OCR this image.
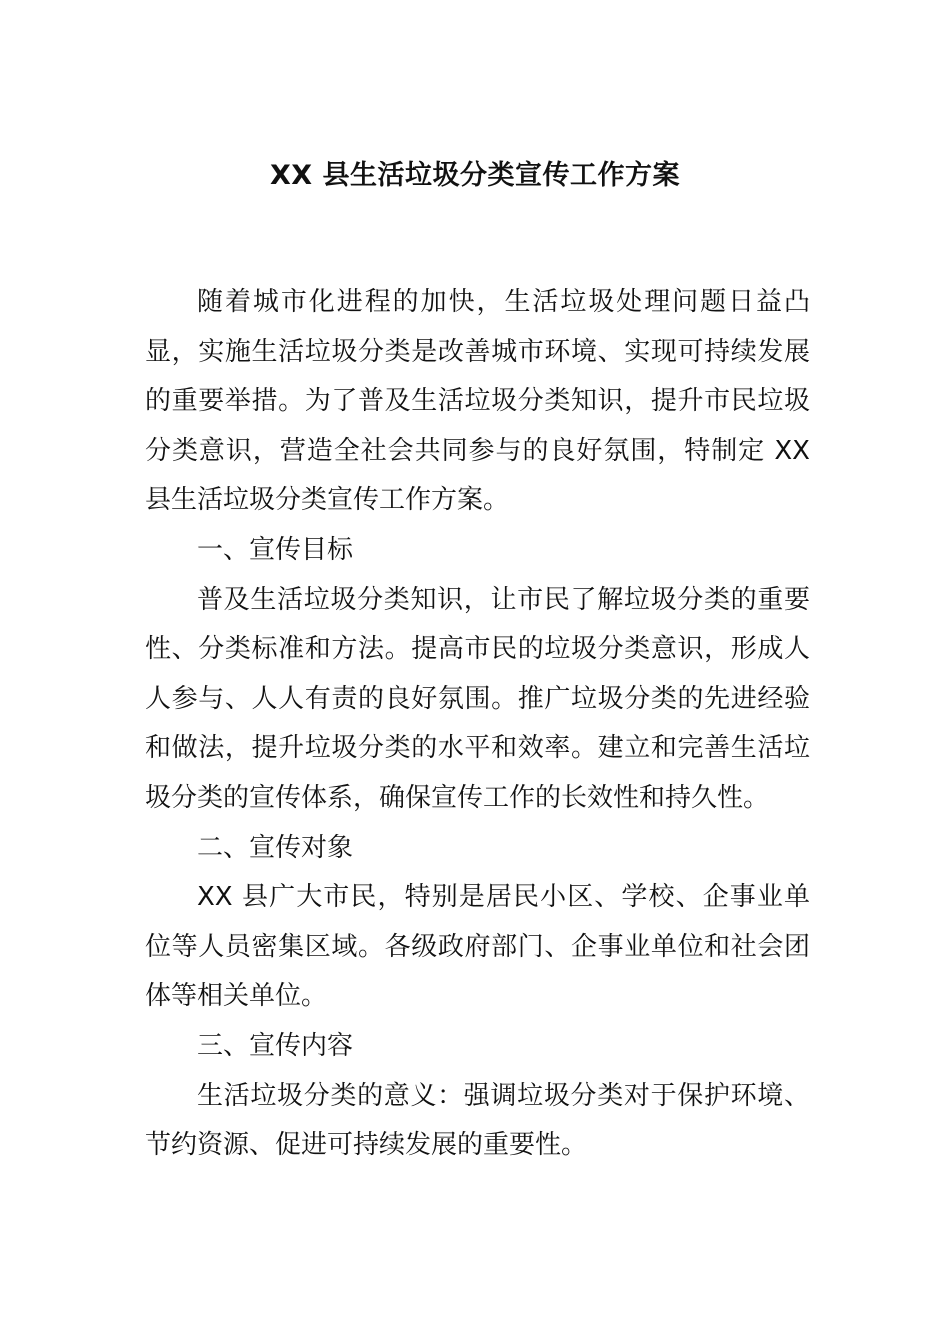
XX 县生活垃圾分类宣传工作方案

随着城市化进程的加快，生活垃圾处理问题日益凸显，实施生活垃圾分类是改善城市环境、实现可持续发展的重要举措。为了普及生活垃圾分类知识，提升市民垃圾分类意识，营造全社会共同参与的良好氛围，特制定 XX 县生活垃圾分类宣传工作方案。

一、宣传目标

普及生活垃圾分类知识，让市民了解垃圾分类的重要性、分类标准和方法。提高市民的垃圾分类意识，形成人人参与、人人有责的良好氛围。推广垃圾分类的先进经验和做法，提升垃圾分类的水平和效率。建立和完善生活垃圾分类的宣传体系，确保宣传工作的长效性和持久性。

二、宣传对象

XX 县广大市民，特别是居民小区、学校、企事业单位等人员密集区域。各级政府部门、企事业单位和社会团体等相关单位。

三、宣传内容

生活垃圾分类的意义：强调垃圾分类对于保护环境、节约资源、促进可持续发展的重要性。
